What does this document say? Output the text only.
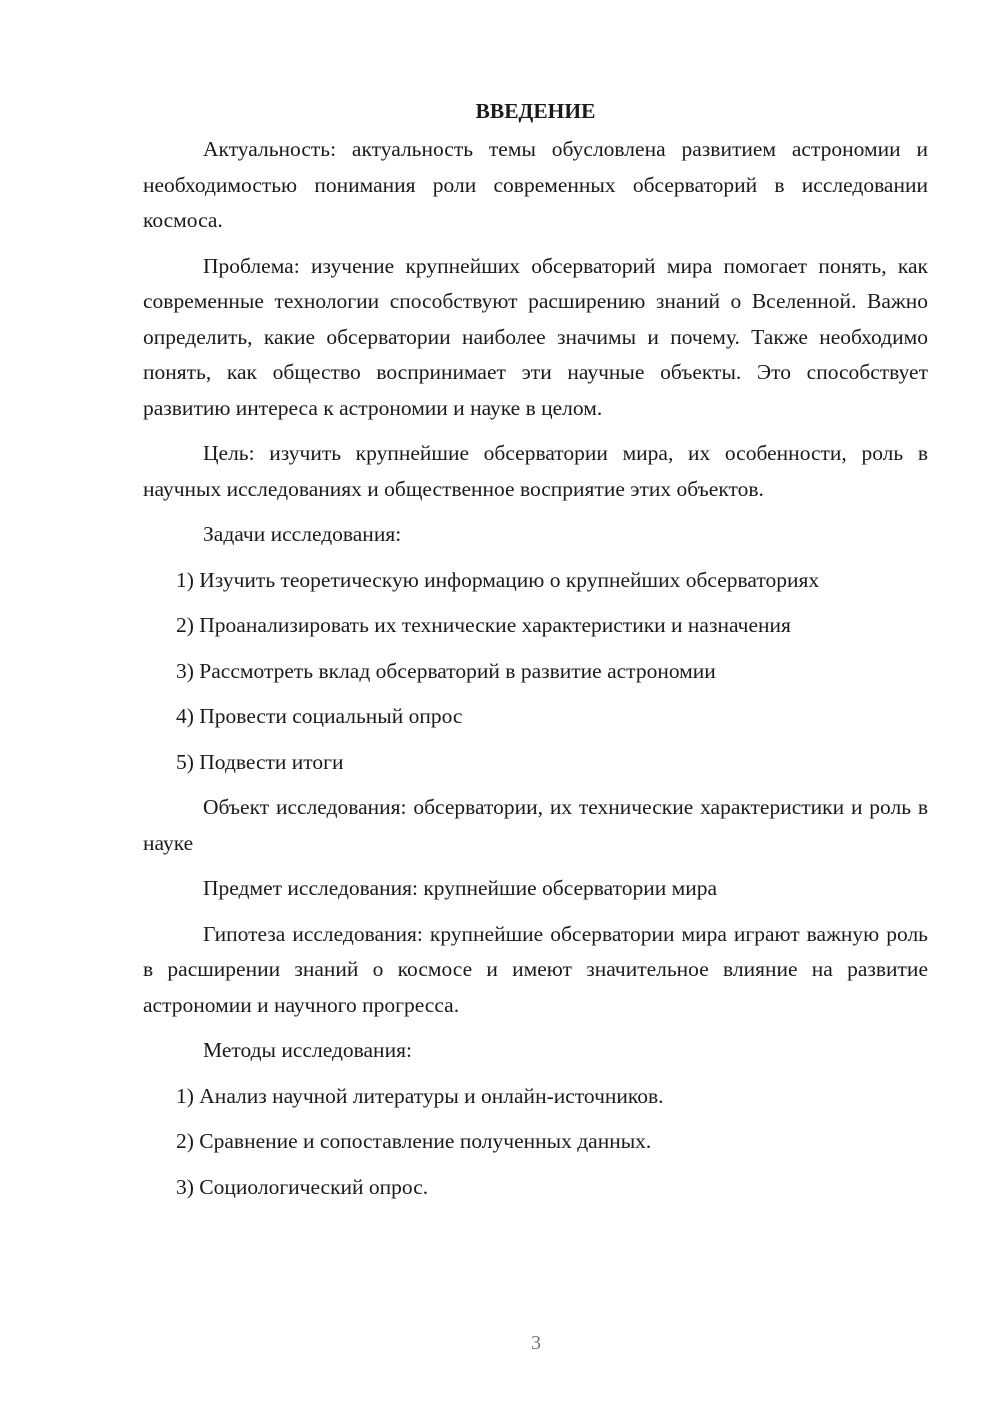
ВВЕДЕНИЕ

Актуальность: актуальность темы обусловлена развитием астрономии и необходимостью понимания роли современных обсерваторий в исследовании космоса.

Проблема: изучение крупнейших обсерваторий мира помогает понять, как современные технологии способствуют расширению знаний о Вселенной. Важно определить, какие обсерватории наиболее значимы и почему. Также необходимо понять, как общество воспринимает эти научные объекты. Это способствует развитию интереса к астрономии и науке в целом.

Цель: изучить крупнейшие обсерватории мира, их особенности, роль в научных исследованиях и общественное восприятие этих объектов.

Задачи исследования:

1) Изучить теоретическую информацию о крупнейших обсерваториях
2) Проанализировать их технические характеристики и назначения
3) Рассмотреть вклад обсерваторий в развитие астрономии
4) Провести социальный опрос
5) Подвести итоги

Объект исследования: обсерватории, их технические характеристики и роль в науке

Предмет исследования: крупнейшие обсерватории мира

Гипотеза исследования: крупнейшие обсерватории мира играют важную роль в расширении знаний о космосе и имеют значительное влияние на развитие астрономии и научного прогресса.

Методы исследования:

1) Анализ научной литературы и онлайн-источников.
2) Сравнение и сопоставление полученных данных.
3) Социологический опрос.
3
